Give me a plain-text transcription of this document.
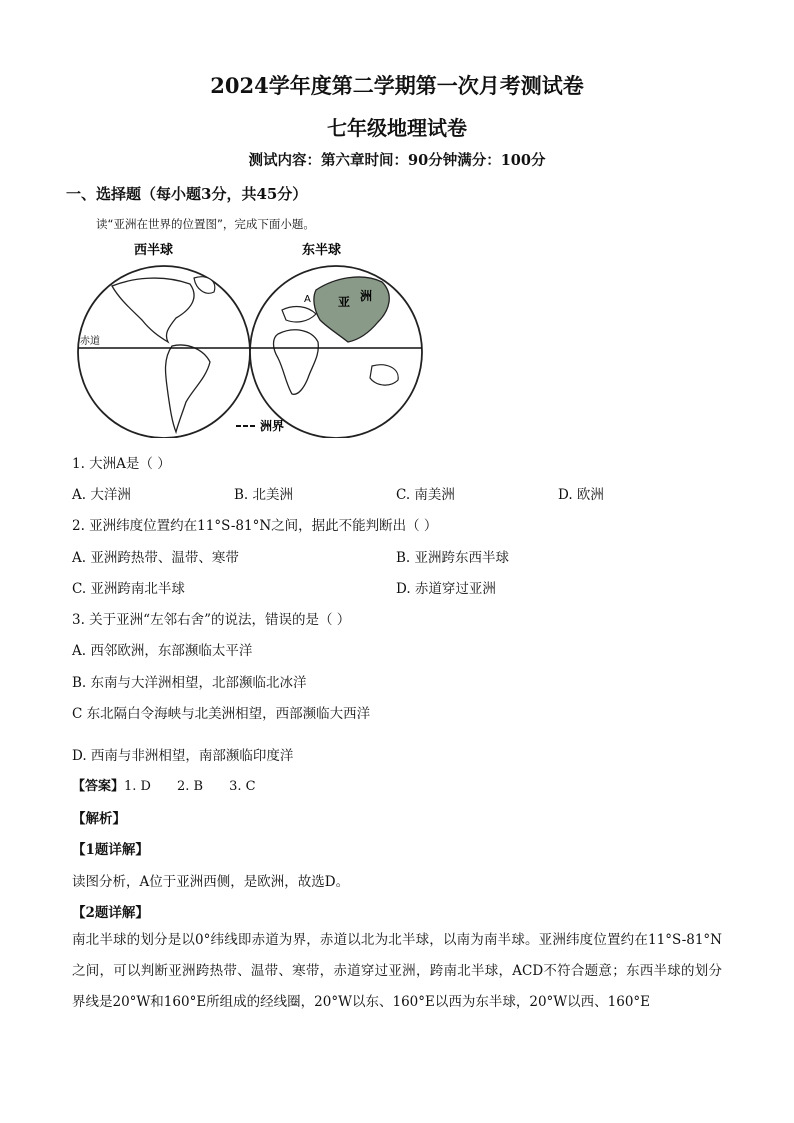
2024学年度第二学期第一次月考测试卷
七年级地理试卷
测试内容：第六章时间：90分钟满分：100分
一、选择题（每小题3分，共45分）
读“亚洲在世界的位置图”，完成下面小题。
西半球	东半球
赤道
亚 洲
A
洲界
1. 大洲A是（ ）
A. 大洋洲	B. 北美洲	C. 南美洲	D. 欧洲
2. 亚洲纬度位置约在11°S-81°N之间，据此不能判断出（ ）
A. 亚洲跨热带、温带、寒带	B. 亚洲跨东西半球
C. 亚洲跨南北半球	D. 赤道穿过亚洲
3. 关于亚洲“左邻右舍”的说法，错误的是（ ）
A. 西邻欧洲，东部濒临太平洋
B. 东南与大洋洲相望，北部濒临北冰洋
C 东北隔白令海峡与北美洲相望，西部濒临大西洋
D. 西南与非洲相望，南部濒临印度洋
【答案】1. D 2. B 3. C
【解析】
【1题详解】
读图分析，A位于亚洲西侧，是欧洲，故选D。
【2题详解】
南北半球的划分是以0°纬线即赤道为界，赤道以北为北半球，以南为南半球。亚洲纬度位置约在11°S-81°N之间，可以判断亚洲跨热带、温带、寒带，赤道穿过亚洲，跨南北半球，ACD不符合题意；东西半球的划分界线是20°W和160°E所组成的经线圈，20°W以东、160°E以西为东半球，20°W以西、160°E
